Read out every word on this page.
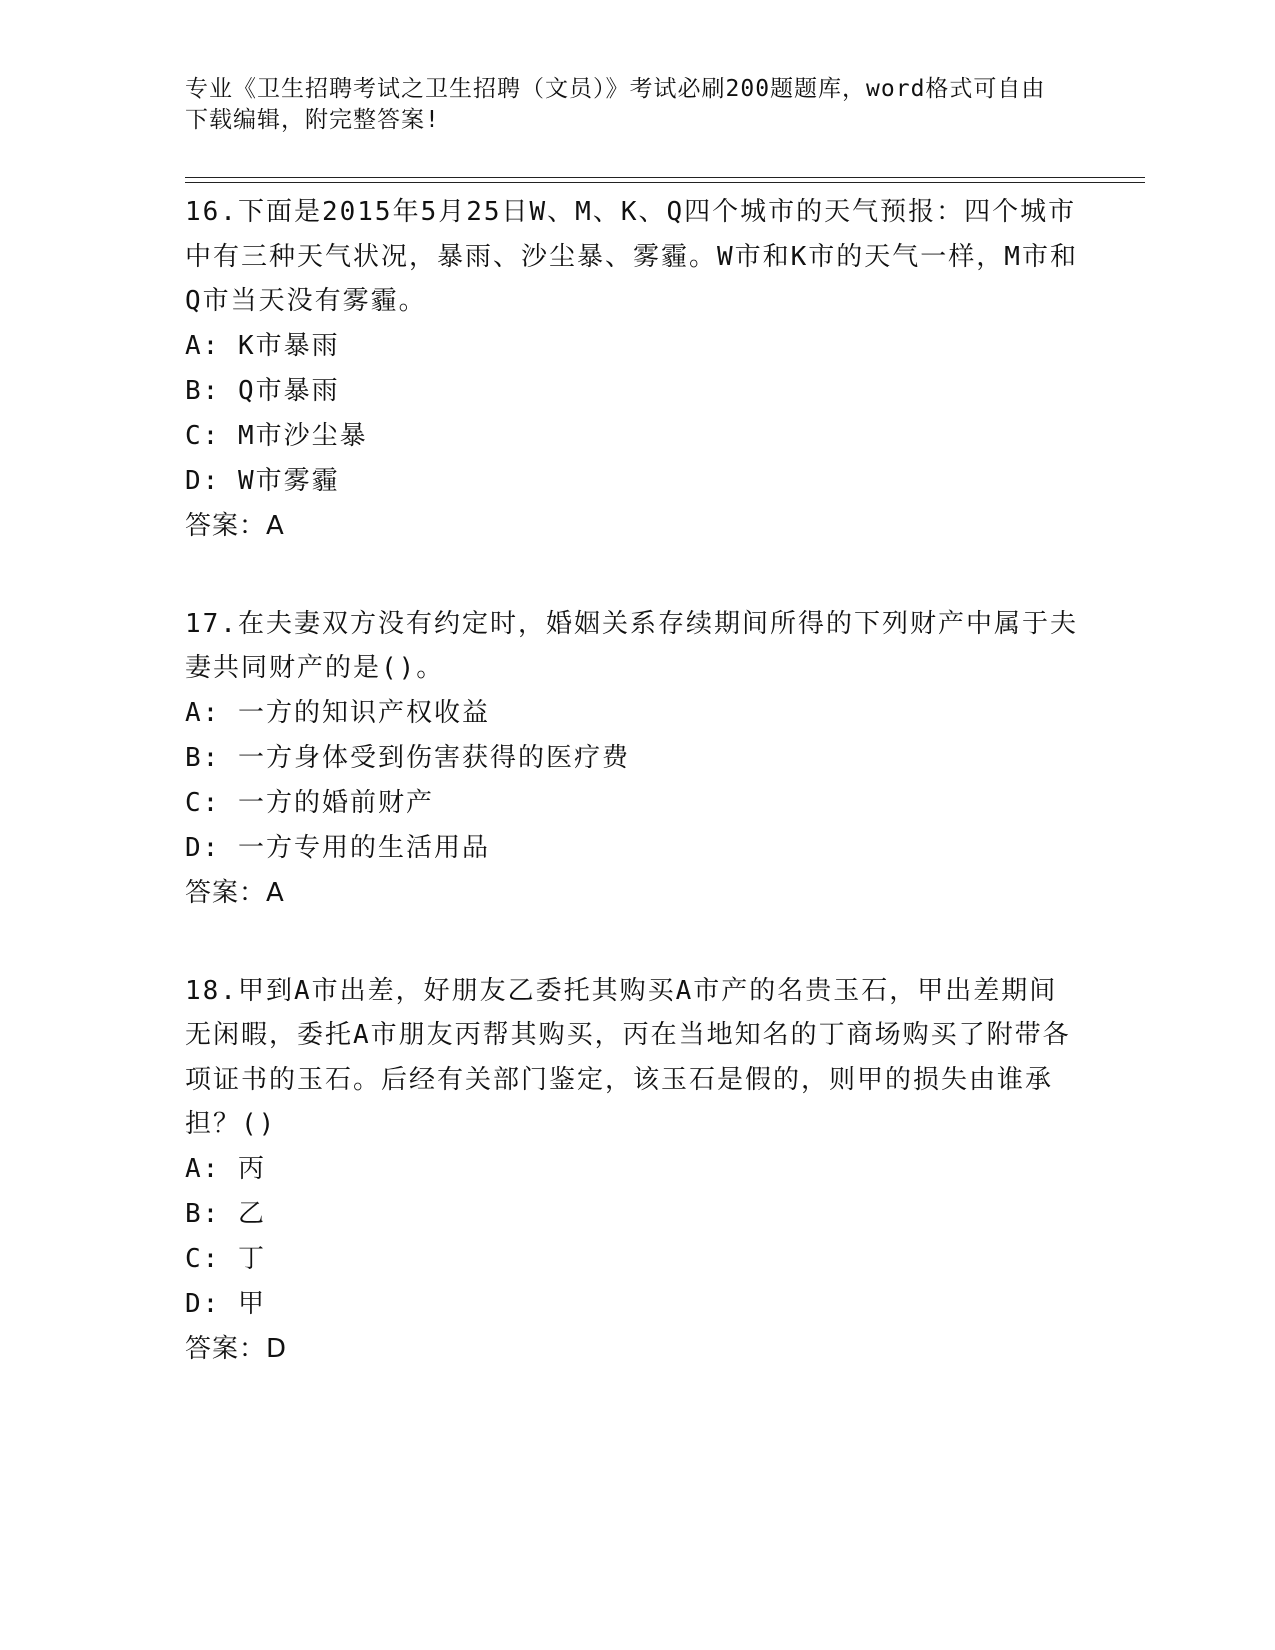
专业《卫生招聘考试之卫生招聘（文员）》考试必刷200题题库，word格式可自由下载编辑，附完整答案!
16.下面是2015年5月25日W、M、K、Q四个城市的天气预报：四个城市中有三种天气状况，暴雨、沙尘暴、雾霾。W市和K市的天气一样，M市和Q市当天没有雾霾。
A: K市暴雨
B: Q市暴雨
C: M市沙尘暴
D: W市雾霾
答案：A
17.在夫妻双方没有约定时，婚姻关系存续期间所得的下列财产中属于夫妻共同财产的是()。
A: 一方的知识产权收益
B: 一方身体受到伤害获得的医疗费
C: 一方的婚前财产
D: 一方专用的生活用品
答案：A
18.甲到A市出差，好朋友乙委托其购买A市产的名贵玉石，甲出差期间无闲暇，委托A市朋友丙帮其购买，丙在当地知名的丁商场购买了附带各项证书的玉石。后经有关部门鉴定，该玉石是假的，则甲的损失由谁承担？()
A: 丙
B: 乙
C: 丁
D: 甲
答案：D
